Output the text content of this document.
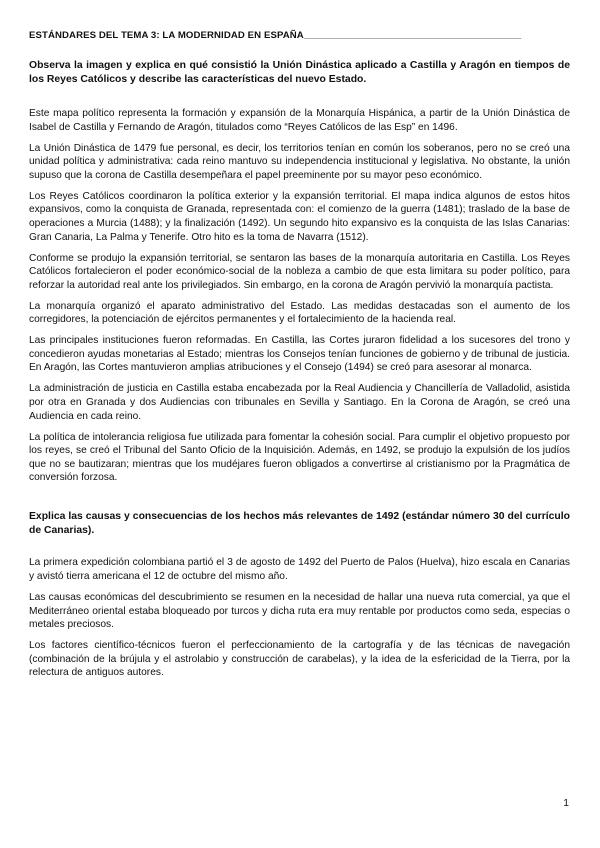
ESTÁNDARES DEL TEMA 3: LA MODERNIDAD EN ESPAÑA________________________________________
Observa la imagen y explica en qué consistió la Unión Dinástica aplicado a Castilla y Aragón en tiempos de los Reyes Católicos y describe las características del nuevo Estado.

Este mapa político representa la formación y expansión de la Monarquía Hispánica, a partir de la Unión Dinástica de Isabel de Castilla y Fernando de Aragón, titulados como “Reyes Católicos de las Esp” en 1496.

La Unión Dinástica de 1479 fue personal, es decir, los territorios tenían en común los soberanos, pero no se creó una unidad política y administrativa: cada reino mantuvo su independencia institucional y legislativa. No obstante, la unión supuso que la corona de Castilla desempeñara el papel preeminente por su mayor peso económico.

Los Reyes Católicos coordinaron la política exterior y la expansión territorial. El mapa indica algunos de estos hitos expansivos, como la conquista de Granada, representada con: el comienzo de la guerra (1481); traslado de la base de operaciones a Murcia (1488); y la finalización (1492). Un segundo hito expansivo es la conquista de las Islas Canarias: Gran Canaria, La Palma y Tenerife. Otro hito es la toma de Navarra (1512).

Conforme se produjo la expansión territorial, se sentaron las bases de la monarquía autoritaria en Castilla. Los Reyes Católicos fortalecieron el poder económico-social de la nobleza a cambio de que esta limitara su poder político, para reforzar la autoridad real ante los privilegiados. Sin embargo, en la corona de Aragón pervivió la monarquía pactista.

La monarquía organizó el aparato administrativo del Estado. Las medidas destacadas son el aumento de los corregidores, la potenciación de ejércitos permanentes y el fortalecimiento de la hacienda real.

Las principales instituciones fueron reformadas. En Castilla, las Cortes juraron fidelidad a los sucesores del trono y concedieron ayudas monetarias al Estado; mientras los Consejos tenían funciones de gobierno y de tribunal de justicia. En Aragón, las Cortes mantuvieron amplias atribuciones y el Consejo (1494) se creó para asesorar al monarca.

La administración de justicia en Castilla estaba encabezada por la Real Audiencia y Chancillería de Valladolid, asistida por otra en Granada y dos Audiencias con tribunales en Sevilla y Santiago. En la Corona de Aragón, se creó una Audiencia en cada reino.

La política de intolerancia religiosa fue utilizada para fomentar la cohesión social. Para cumplir el objetivo propuesto por los reyes, se creó el Tribunal del Santo Oficio de la Inquisición. Además, en 1492, se produjo la expulsión de los judíos que no se bautizaran; mientras que los mudéjares fueron obligados a convertirse al cristianismo por la Pragmática de conversión forzosa.

Explica las causas y consecuencias de los hechos más relevantes de 1492 (estándar número 30 del currículo de Canarias).

La primera expedición colombiana partió el 3 de agosto de 1492 del Puerto de Palos (Huelva), hizo escala en Canarias y avistó tierra americana el 12 de octubre del mismo año.

Las causas económicas del descubrimiento se resumen en la necesidad de hallar una nueva ruta comercial, ya que el Mediterráneo oriental estaba bloqueado por turcos y dicha ruta era muy rentable por productos como seda, especias o metales preciosos.

Los factores científico-técnicos fueron el perfeccionamiento de la cartografía y de las técnicas de navegación (combinación de la brújula y el astrolabio y construcción de carabelas), y la idea de la esfericidad de la Tierra, por la relectura de antiguos autores.

1
